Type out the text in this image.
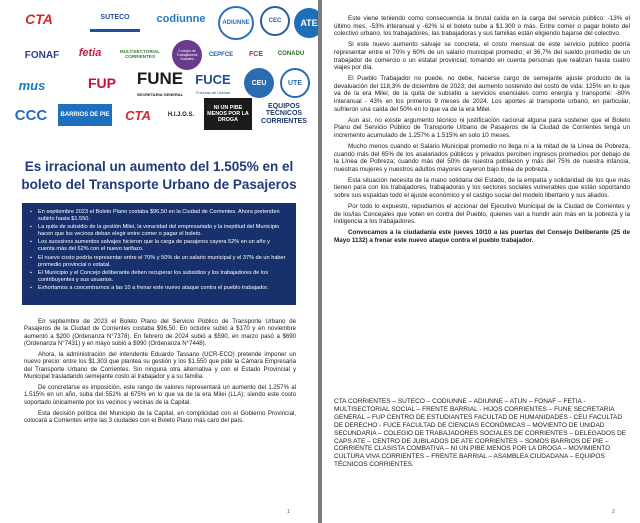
CTA	SUTECO codiunne	ADIUNNE	CEC ATE
FONAF fetia	MULTISECTORIAL CORRIENTES
Colegio de Trabajadores Sociales
CEPFCE FCE CONADU
mus	FUP FUNE
SECRETARIA GENERAL
FUCE
Fuerzas de Unidad
CEU	UTE
CCC BARRIOS DE PIE CTA	H.I.J.O.S.
NI UN PIBE MENOS POR LA DROGA
EQUIPOS TECNICOS CORRIENTES
Es irracional un aumento del 1.505% en el boleto del Transporte Urbano de Pasajeros
▪ En septiembre 2023 el Boleto Plano costaba $96,50 en la Ciudad de Corrientes. Ahora pretenden subirlo hasta $1.550.
▪ La quita de subsidio de la gestión Milei, la voracidad del empresariado y la ineptitud del Municipio hacen que los vecinos deban elegir entre comer o pagar el boleto.
▪ Los sucesivos aumentos salvajes hicieron que la carga de pasajeros cayera 52% en un año y cuenta más del 62% con el nuevo tarifazo.
▪ El nuevo costo podría representar entre el 70% y 50% de un salario municipal y el 37% de un haber promedio provincial o estatal.
▪ El Municipio y el Concejo deliberante deben recuperar los subsidios y los trabajadores de los contribuyentes y sus usuarios.
▪ Exhortamos a concentrarnos a las 10 a frenar este nuevo ataque contra el pueblo trabajador.

En septiembre de 2023 el Boleto Plano del Servicio Público de Transporte Urbano de Pasajeros de la Ciudad de Corrientes costaba $96,50. En octubre subió a $170 y en noviembre aumentó a $200 (Ordenanza N°7378). En febrero de 2024 subió a $590, en marzo pasó a $690 (Ordenanza N°7431) y en mayo subió a $990 (Ordenanza N°7448).

Ahora, la administración del intendente Eduardo Tassano (UCR-ECO) pretende imponer un nuevo precio: entre los $1.303 que plantea su gestión y los $1.550 que pide la Cámara Empresaria del Transporte Urbano de Corrientes. Sin ninguna otra alternativa y con el Estado Provincial y Municipal trasladando semejante costo al trabajador y a su familia.

De concretarse es imposición, este rango de valores representará un aumento del 1.257% al 1.515% en un año, suba del 552% al 675% en lo que va de la era Milei (LLA); siendo este costo soportado únicamente por los vecinos y vecinas de la Capital.

Esta decisión política del Municipio de la Capital, en complicidad con el Gobierno Provincial, colocará a Corrientes entre las 3 ciudades con el Boleto Plano más caro del país.

1

Este viene teniendo como consecuencia la brutal caída en la carga del servicio público: -13% el último mes, -53% interanual y -62% si el boleto sube a $1.300 o más. Entre comer o pagar boleto del colectivo urbano, los trabajadores, las trabajadoras y sus familias están eligiendo bajarse del colectivo.

Si este nuevo aumento salvaje se concreta, el costo mensual de este servicio público podría representar entre el 70% y 60% de un salario municipal promedio; el 36,7% del sueldo promedio de un trabajador de comercio o un estatal provincial; tomando en cuenta personas que realizan hasta cuatro viajes por día.

El Pueblo Trabajador no puede, no debe, hacerse cargo de semejante ajuste producto de la devaluación del 118,3% de diciembre de 2023; del aumento sostenido del costo de vida: 125% en lo que va de la era Milei; de la quita de subsidio a servicios esenciales como energía y transporte: -80% interanual - 43% en los primeros 9 meses de 2024. Los aportes al transporte urbano, en particular, sufrieron una caída del 50% en lo que va de la era Milei.

Aun así, no existe argumento técnico ni justificación racional alguna para sostener que el Boleto Plano del Servicio Público de Transporte Urbano de Pasajeros de la Ciudad de Corrientes tenga un incremento acumulado de 1.257% a 1.515% en solo 10 meses.

Mucho menos cuando el Salario Municipal promedio no llega ni a la mitad de la Línea de Pobreza, cuando más del 65% de los asalariados públicos y privados perciben ingresos promedios por debajo de la Línea de Pobreza; cuando más del 50% de nuestra población y más del 75% de nuestra infancia, nuestras mujeres y nuestros adultos mayores cayeron bajo línea de pobreza.

Esta situación necesita de la mano solidaria del Estado, de la empatía y solidaridad de los que más tienen para con los trabajadores, trabajadoras y los sectores sociales vulnerables que están soportando sobre sus espaldas todo el ajuste económico y el castigo social del modelo libertario y sus aliados.

Por todo lo expuesto, repudiamos el accionar del Ejecutivo Municipal de la Ciudad de Corrientes y de los/las Concejales que voten en contra del Pueblo, quienes van a hundir aún más en la pobreza y la indigencia a los trabajadores.

Convocamos a la ciudadanía este jueves 10/10 a las puertas del Consejo Deliberante (25 de Mayo 1132) a frenar este nuevo ataque contra el pueblo trabajador.

CTA CORRIENTES – SUTECO – CODIUNNE – ADIUNNE – ATUN – FONAF – FETIA - MULTISECTORIAL SOCIAL – FRENTE BARRIAL - HIJOS CORRIENTES – FUNE SECRETARIA GENERAL – FUP CENTRO DE ESTUDIANTES FACULTAD DE HUMANIDADES - CEU FACULTAD DE DERECHO - FUCE FACULTAD DE CIENCIAS ECONÓMICAS – MOVIENTO DE UNIDAD SECUNDARIA – COLEGIO DE TRABAJADORES SOCIALES DE CORRIENTES – DELEGADOS DE CAPS ATE – CENTRO DE JUBILADOS DE ATE CORRIENTES – SOMOS BARRIOS DE PIE – CORRIENTE CLASISTA COMBATIVA – NI UN PIBE MENOS POR LA DROGA – MOVIMIENTO CULTURA VIVA CORRIENTES – FRENTE BARRIAL – ASAMBLEA CIUDADANA – EQUIPOS TÉCNICOS CORRIENTES.
2
